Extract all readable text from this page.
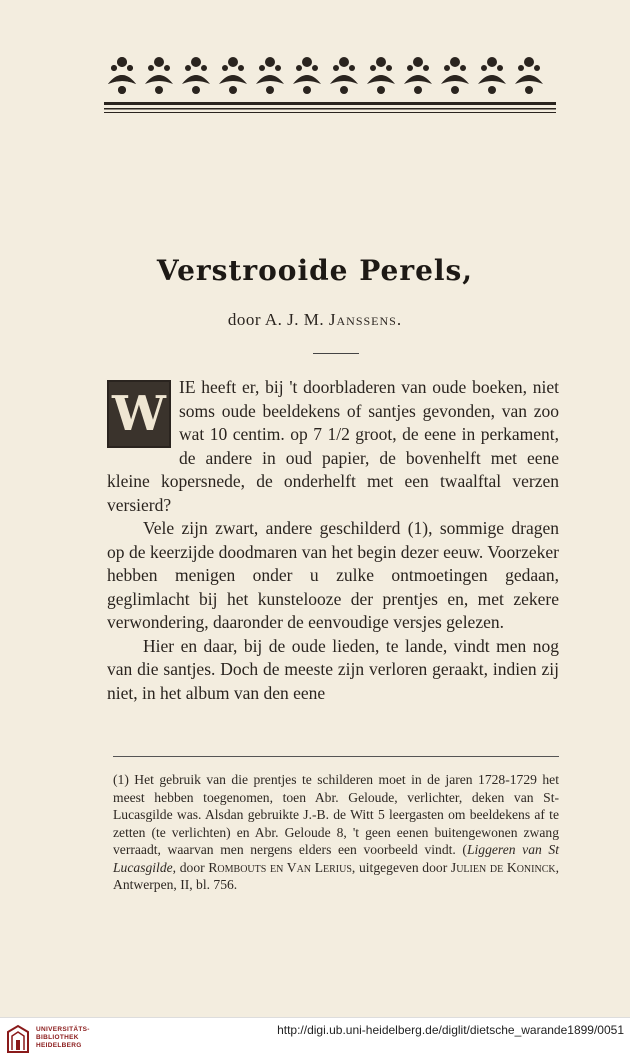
Verstrooide Perels,
door A. J. M. Janssens.

W IE heeft er, bij 't doorbladeren van oude boeken, niet soms oude beeldekens of santjes gevonden, van zoo wat 10 centim. op 7 1/2 groot, de eene in perkament, de andere in oud papier, de bovenhelft met eene kleine kopersnede, de onderhelft met een twaalftal verzen versierd?

Vele zijn zwart, andere geschilderd (1), sommige dragen op de keerzijde doodmaren van het begin dezer eeuw. Voorzeker hebben menigen onder u zulke ontmoetingen gedaan, geglimlacht bij het kunstelooze der prentjes en, met zekere verwondering, daaronder de eenvoudige versjes gelezen.

Hier en daar, bij de oude lieden, te lande, vindt men nog van die santjes. Doch de meeste zijn verloren geraakt, indien zij niet, in het album van den eene

(1) Het gebruik van die prentjes te schilderen moet in de jaren 1728-1729 het meest hebben toegenomen, toen Abr. Geloude, verlichter, deken van St-Lucasgilde was. Alsdan gebruikte J.-B. de Witt 5 leergasten om beeldekens af te zetten (te verlichten) en Abr. Geloude 8, 't geen eenen buitengewonen zwang verraadt, waarvan men nergens elders een voorbeeld vindt. (Liggeren van St Lucasgilde, door Rombouts en Van Lerius, uitgegeven door Julien de Koninck, Antwerpen, II, bl. 756.
UNIVERSITÄTS-
BIBLIOTHEK
HEIDELBERG
http://digi.ub.uni-heidelberg.de/diglit/dietsche_warande1899/0051
